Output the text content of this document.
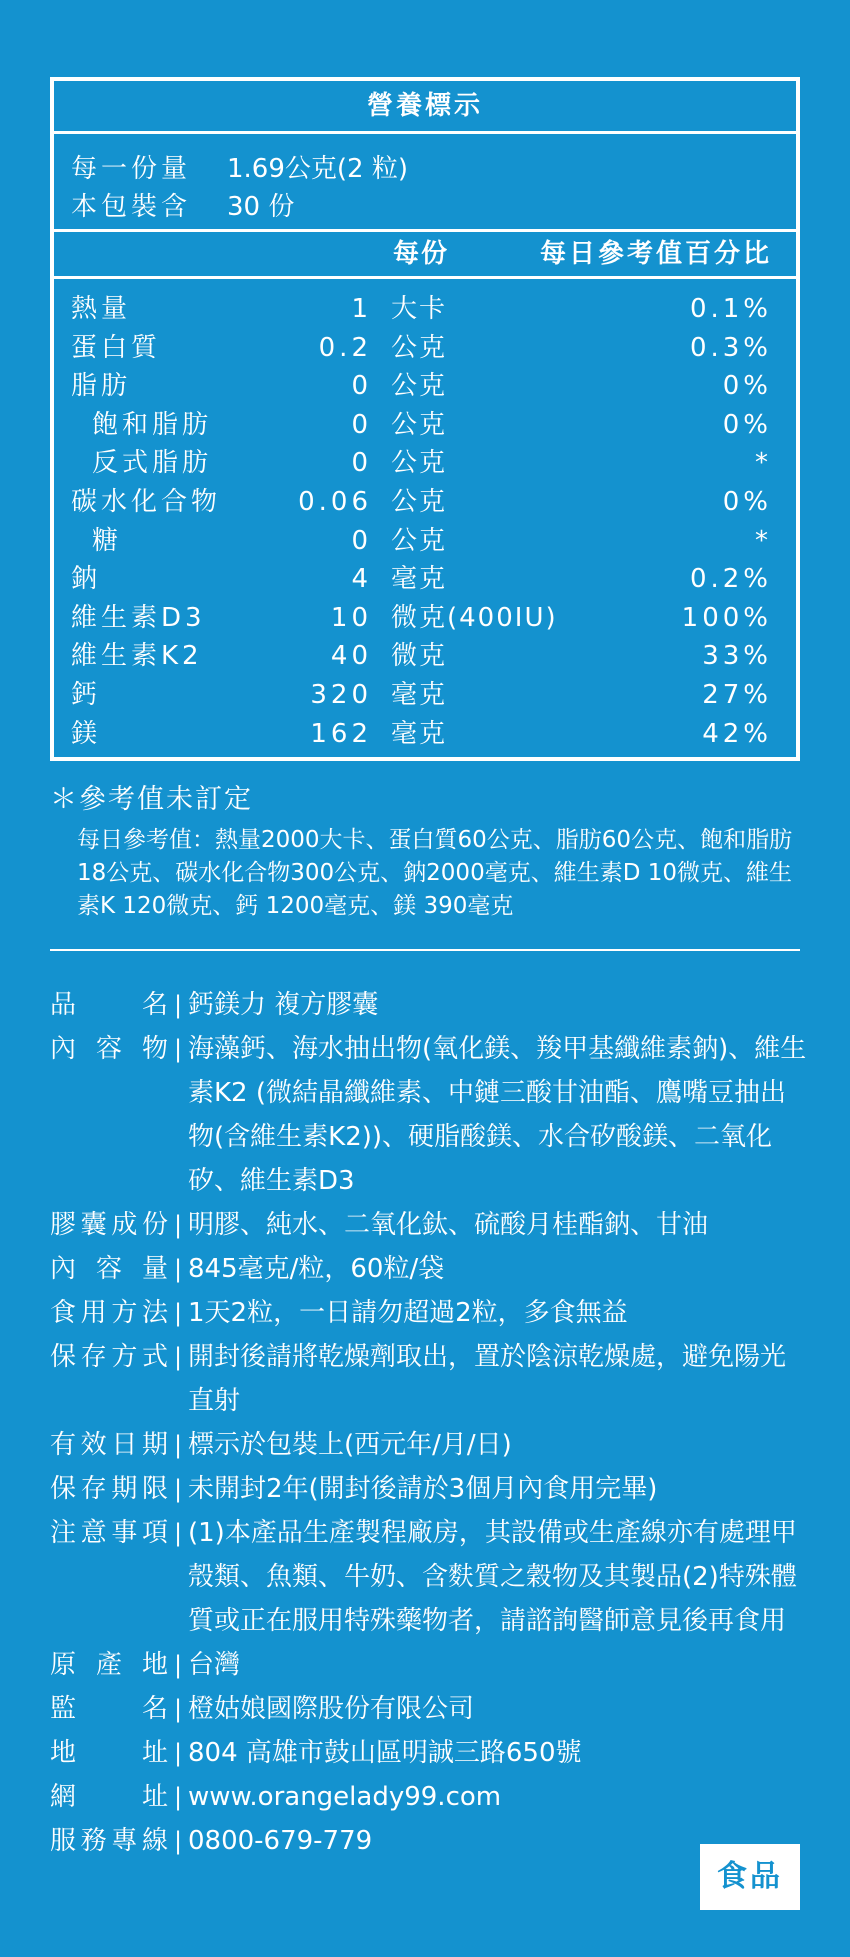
營養標示
每一份量	1.69公克(2 粒)
本包裝含	30 份
每份	每日參考值百分比
熱量	1 大卡	0.1%
蛋白質	0.2 公克	0.3%
脂肪	0 公克	0%
飽和脂肪	0 公克	0%
反式脂肪	0 公克	*
碳水化合物	0.06 公克	0%
糖	0 公克	*
鈉	4 毫克	0.2%
維生素D3	10 微克(400IU)	100%
維生素K2	40 微克	33%
鈣	320 毫克	27%
鎂	162 毫克	42%
＊參考值未訂定
每日參考值：熱量2000大卡、蛋白質60公克、脂肪60公克、飽和脂肪18公克、碳水化合物300公克、鈉2000毫克、維生素D 10微克、維生素K 120微克、鈣 1200毫克、鎂 390毫克
品名 | 鈣鎂力 複方膠囊
內容物 | 海藻鈣、海水抽出物(氧化鎂、羧甲基纖維素鈉)、維生素K2 (微結晶纖維素、中鏈三酸甘油酯、鷹嘴豆抽出物(含維生素K2))、硬脂酸鎂、水合矽酸鎂、二氧化矽、維生素D3
膠囊成份 | 明膠、純水、二氧化鈦、硫酸月桂酯鈉、甘油
內容量 | 845毫克/粒，60粒/袋
食用方法 | 1天2粒，一日請勿超過2粒，多食無益
保存方式 | 開封後請將乾燥劑取出，置於陰涼乾燥處，避免陽光直射
有效日期 | 標示於包裝上(西元年/月/日)
保存期限 | 未開封2年(開封後請於3個月內食用完畢)
注意事項 | (1)本產品生產製程廠房，其設備或生產線亦有處理甲殼類、魚類、牛奶、含麩質之穀物及其製品(2)特殊體質或正在服用特殊藥物者，請諮詢醫師意見後再食用
原產地 | 台灣
監名 | 橙姑娘國際股份有限公司
地址 | 804 高雄市鼓山區明誠三路650號
網址 | www.orangelady99.com
服務專線 | 0800-679-779
食品
